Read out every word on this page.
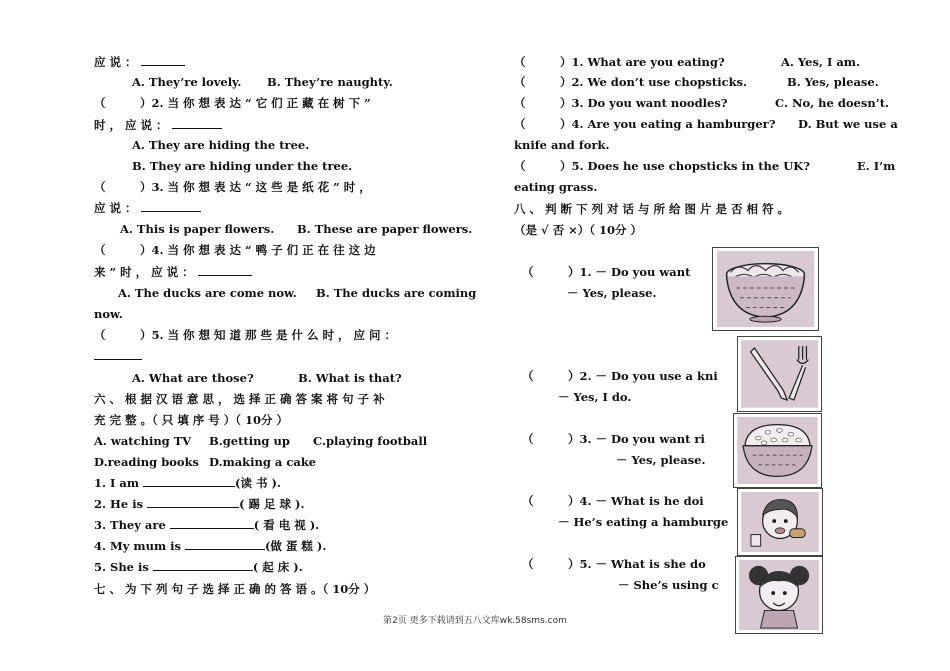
应 说 ：
A. They’re lovely. B. They’re naughty.
（　　　）2. 当 你 想 表 达 “ 它 们 正 藏 在 树 下 ”
时 ， 应 说 ：
A. They are hiding the tree.
B. They are hiding under the tree.
（　　　）3. 当 你 想 表 达 “ 这 些 是 纸 花 ” 时 ，
应 说 ：
A. This is paper flowers. B. These are paper flowers.
（　　　）4. 当 你 想 表 达 “ 鸭 子 们 正 在 往 这 边
来 ” 时 ， 应 说 ：
A. The ducks are come now. B. The ducks are coming
now.
（　　　）5. 当 你 想 知 道 那 些 是 什 么 时 ， 应 问 ：
A. What are those?	B. What is that?
六 、 根 据 汉 语 意 思 ， 选 择 正 确 答 案 将 句 子 补
充 完 整 。（ 只 填 序 号 ）（ 10分 ）
A. watching TV B.getting up C.playing football
D.reading books D.making a cake
1. I am	(读 书 ).
2. He is	( 踢 足 球 ).
3. They are	( 看 电 视 ).
4. My mum is	(做 蛋 糕 ).
5. She is	( 起 床 ).
七 、 为 下 列 句 子 选 择 正 确 的 答 语 。（ 10分 ）
（　　　）1. What are you eating?	A. Yes, I am.
（　　　）2. We don’t use chopsticks.	B. Yes, please.
（　　　）3. Do you want noodles?	C. No, he doesn’t.
（　　　）4. Are you eating a hamburger? D. But we use a
knife and fork.
（　　　）5. Does he use chopsticks in the UK?	E. I’m
eating grass.
八 、 判 断 下 列 对 话 与 所 给 图 片 是 否 相 符 。
（是 √ 否 ×）（ 10分 ）
（　　　）1. － Do you want
－ Yes, please.
（　　　）2. － Do you use a kni
－ Yes, I do.
（　　　）3. － Do you want ri
－ Yes, please.
（　　　）4. － What is he doi
－ He’s eating a hamburge
（　　　）5. － What is she do
－ She’s using c
第2页 更多下载请到五八文库wk.58sms.com
